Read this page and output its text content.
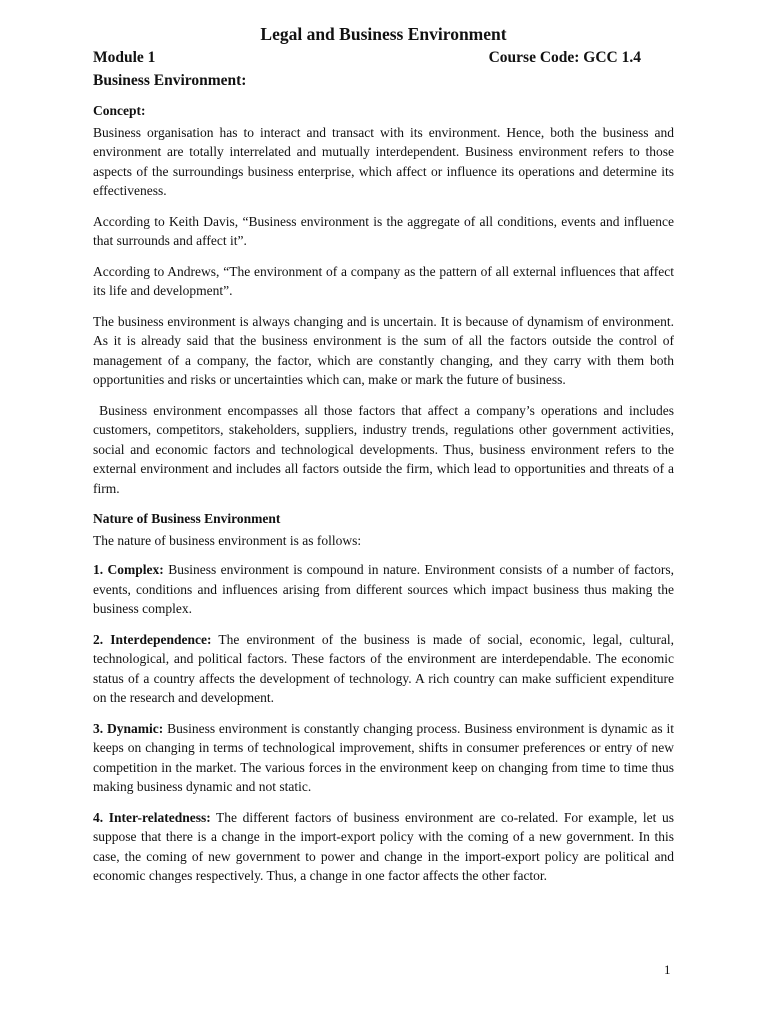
Legal and Business Environment
Module 1	Course Code: GCC 1.4
Business Environment:
Concept:

Business organisation has to interact and transact with its environment. Hence, both the business and environment are totally interrelated and mutually interdependent. Business environment refers to those aspects of the surroundings business enterprise, which affect or influence its operations and determine its effectiveness.

According to Keith Davis, “Business environment is the aggregate of all conditions, events and influence that surrounds and affect it”.

According to Andrews, “The environment of a company as the pattern of all external influences that affect its life and development”.

The business environment is always changing and is uncertain. It is because of dynamism of environment. As it is already said that the business environment is the sum of all the factors outside the control of management of a company, the factor, which are constantly changing, and they carry with them both opportunities and risks or uncertainties which can, make or mark the future of business.

Business environment encompasses all those factors that affect a company’s operations and includes customers, competitors, stakeholders, suppliers, industry trends, regulations other government activities, social and economic factors and technological developments. Thus, business environment refers to the external environment and includes all factors outside the firm, which lead to opportunities and threats of a firm.

Nature of Business Environment

The nature of business environment is as follows:

1. Complex: Business environment is compound in nature. Environment consists of a number of factors, events, conditions and influences arising from different sources which impact business thus making the business complex.

2. Interdependence: The environment of the business is made of social, economic, legal, cultural, technological, and political factors. These factors of the environment are interdependable. The economic status of a country affects the development of technology. A rich country can make sufficient expenditure on the research and development.

3. Dynamic: Business environment is constantly changing process. Business environment is dynamic as it keeps on changing in terms of technological improvement, shifts in consumer preferences or entry of new competition in the market. The various forces in the environment keep on changing from time to time thus making business dynamic and not static.

4. Inter-relatedness: The different factors of business environment are co-related. For example, let us suppose that there is a change in the import-export policy with the coming of a new government. In this case, the coming of new government to power and change in the import-export policy are political and economic changes respectively. Thus, a change in one factor affects the other factor.

1
